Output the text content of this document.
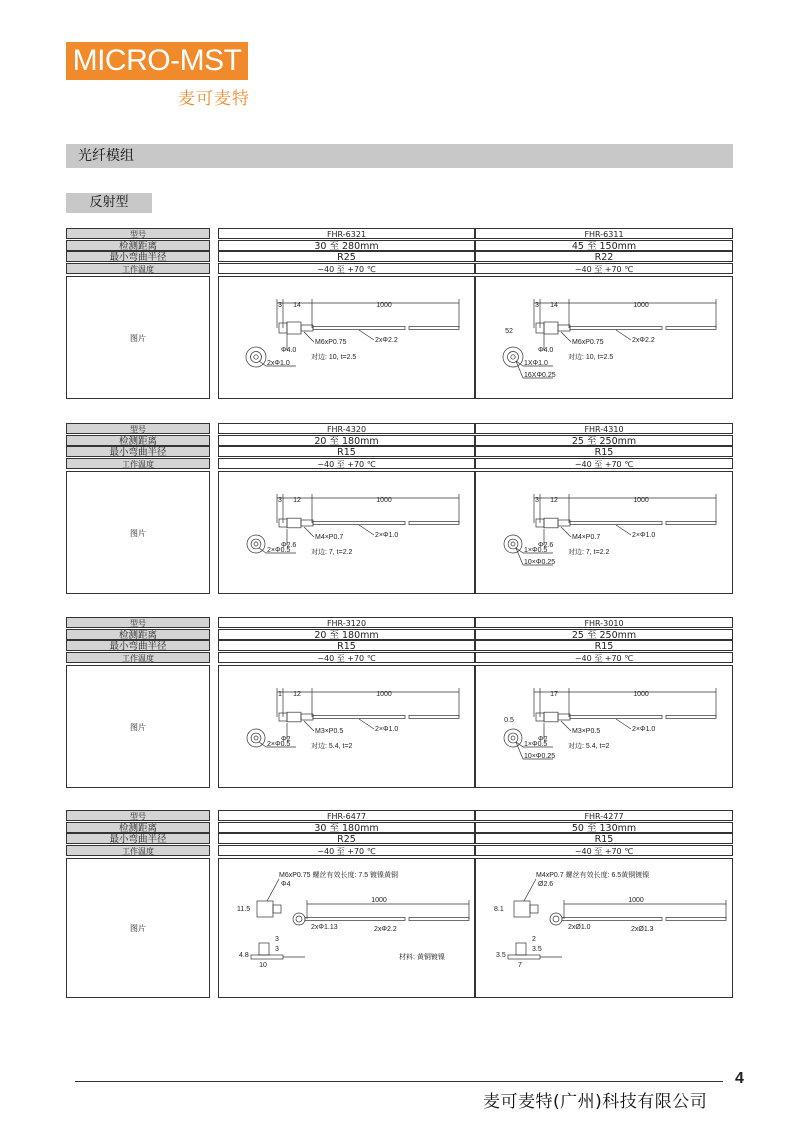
MICRO-MST
麦可麦特
光纤模组
反射型
型号	FHR-6321	FHR-6311
检测距离	30 至 280mm	45 至 150mm
最小弯曲半径	R25	R22
工作温度	−40 至 +70 ℃	−40 至 +70 ℃
图片
3 14	1000
M6xP0.75
Φ4.0
对边: 10, t=2.5
2xΦ2.2
2xΦ1.0
3 14	1000
52
M6xP0.75
Φ4.0
对边: 10, t=2.5
2xΦ2.2
1XΦ1.0
16XΦ0.25
型号	FHR-4320	FHR-4310
检测距离	20 至 180mm	25 至 250mm
最小弯曲半径	R15	R15
工作温度	−40 至 +70 ℃	−40 至 +70 ℃
图片
3 12	1000
M4×P0.7
Φ2.6
对边: 7, t=2.2
2×Φ1.0
2×Φ0.5
3 12	1000
M4×P0.7
Φ2.6
对边: 7, t=2.2
2×Φ1.0
1×Φ0.5
10×Φ0.25
型号	FHR-3120	FHR-3010
检测距离	20 至 180mm	25 至 250mm
最小弯曲半径	R15	R15
工作温度	−40 至 +70 ℃	−40 至 +70 ℃
图片
1 12	1000
M3×P0.5
Φ2
对边: 5.4, t=2
2×Φ1.0
2×Φ0.5
17	1000
0.5
M3×P0.5
Φ2
对边: 5.4, t=2
2×Φ1.0
1×Φ0.5
10×Φ0.25
型号	FHR-6477	FHR-4277
检测距离	30 至 180mm	50 至 130mm
最小弯曲半径	R25	R15
工作温度	−40 至 +70 ℃	−40 至 +70 ℃
图片
1000
M6xP0.75 螺丝有效长度: 7.5 镀镍黄铜
Φ4
11.5
2xΦ1.13	2xΦ2.2
4.8
10
3
3
材料: 黄铜镀镍
1000
M4xP0.7 螺丝有效长度: 6.5黄铜镀镍
Ø2.6
8.1
2xØ1.0	2xØ1.3
3.5
7
2
3.5
4
麦可麦特(广州)科技有限公司
